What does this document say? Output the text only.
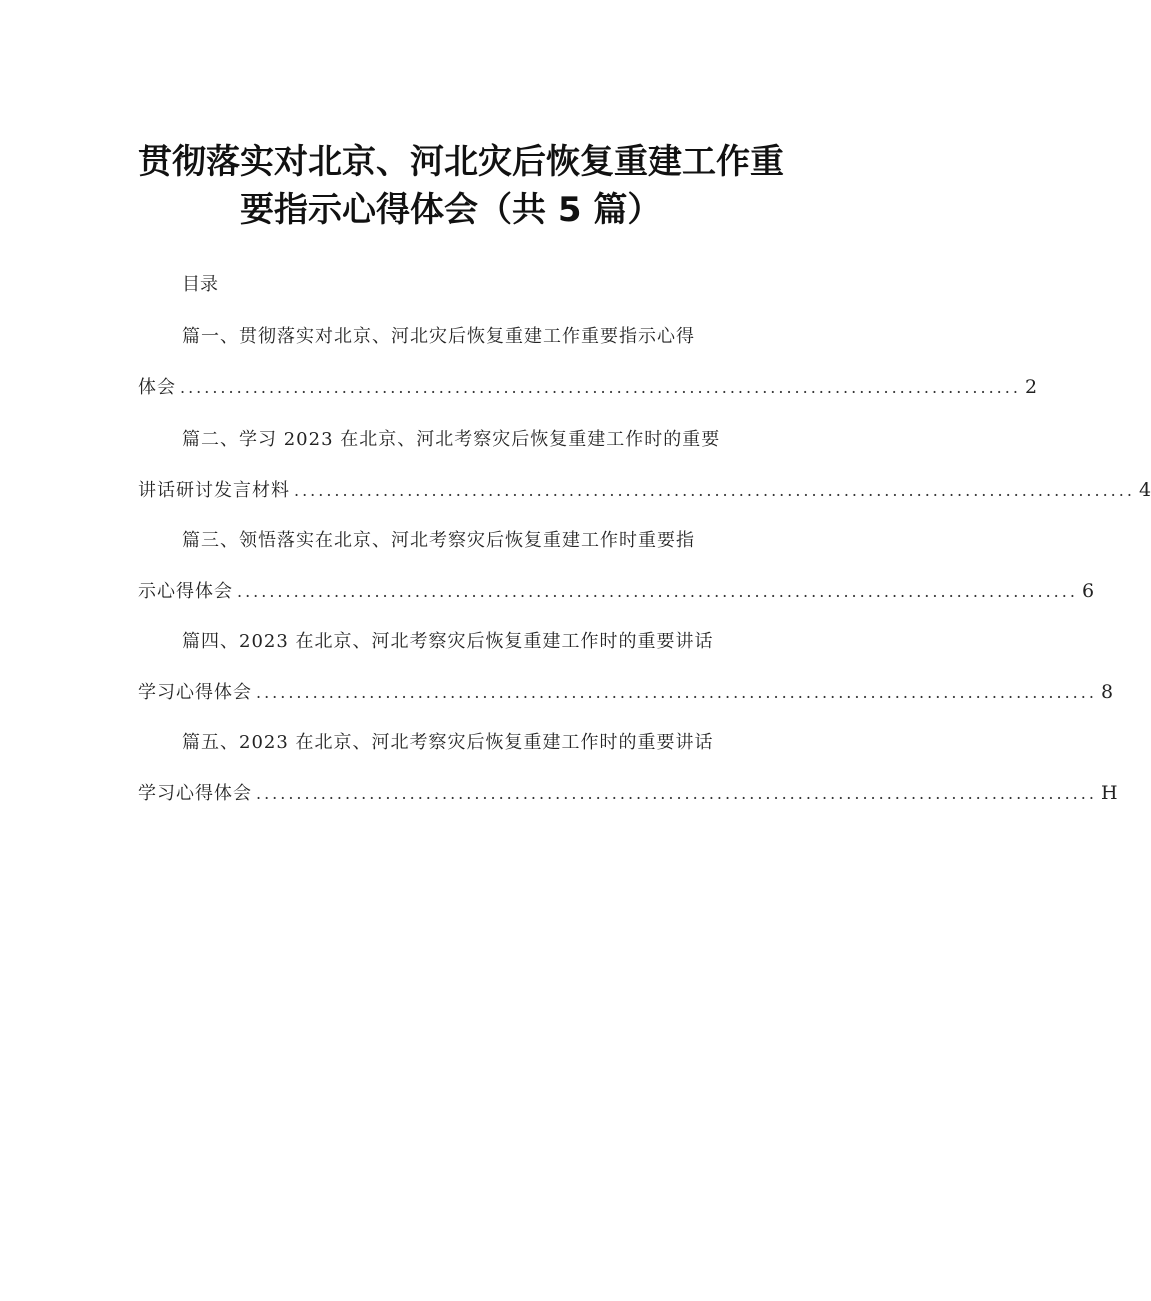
贯彻落实对北京、河北灾后恢复重建工作重
要指示心得体会（共 5 篇）
目录
篇一、贯彻落实对北京、河北灾后恢复重建工作重要指示心得
体会 ........................................................................................................ 2
篇二、学习 2023 在北京、河北考察灾后恢复重建工作时的重要
讲话研讨发言材料 ........................................................................................................ 4
篇三、领悟落实在北京、河北考察灾后恢复重建工作时重要指
示心得体会 ........................................................................................................ 6
篇四、2023 在北京、河北考察灾后恢复重建工作时的重要讲话
学习心得体会 ........................................................................................................ 8
篇五、2023 在北京、河北考察灾后恢复重建工作时的重要讲话
学习心得体会 ........................................................................................................ H
